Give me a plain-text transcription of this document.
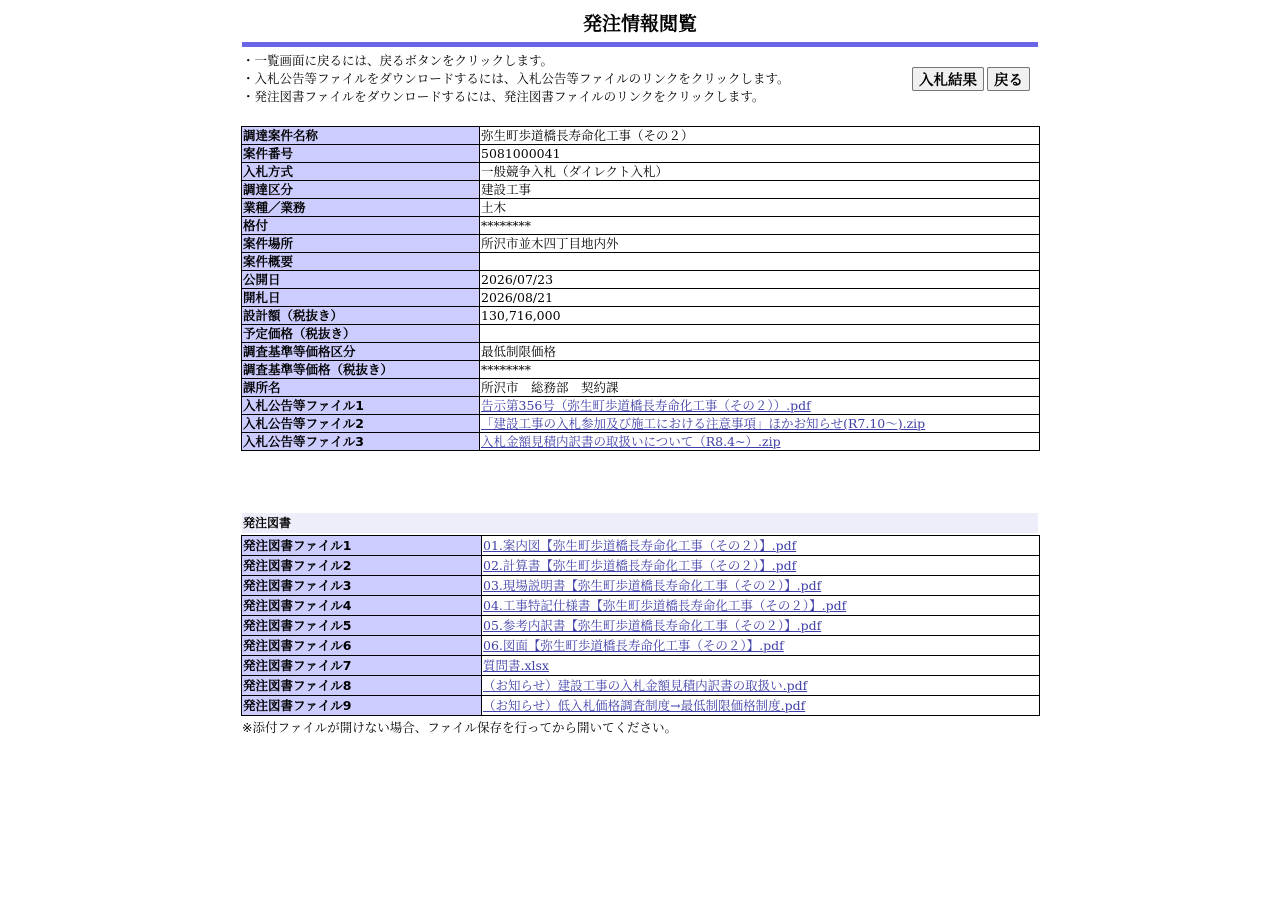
発注情報閲覧
・一覧画面に戻るには、戻るボタンをクリックします。
・入札公告等ファイルをダウンロードするには、入札公告等ファイルのリンクをクリックします。
・発注図書ファイルをダウンロードするには、発注図書ファイルのリンクをクリックします。
入札結果	戻る
調達案件名称	弥生町歩道橋長寿命化工事（その２）
案件番号	5081000041
入札方式	一般競争入札（ダイレクト入札）
調達区分	建設工事
業種／業務	土木
格付	********
案件場所	所沢市並木四丁目地内外
案件概要	
公開日	2026/07/23
開札日	2026/08/21
設計額（税抜き）	130,716,000
予定価格（税抜き）	
調査基準等価格区分	最低制限価格
調査基準等価格（税抜き）	********
課所名	所沢市　総務部　契約課
入札公告等ファイル1	告示第356号（弥生町歩道橋長寿命化工事（その２））.pdf
入札公告等ファイル2	「建設工事の入札参加及び施工における注意事項」ほかお知らせ(R7.10～).zip
入札公告等ファイル3	入札金額見積内訳書の取扱いについて（R8.4~）.zip
発注図書
発注図書ファイル1	01.案内図【弥生町歩道橋長寿命化工事（その２）】.pdf
発注図書ファイル2	02.計算書【弥生町歩道橋長寿命化工事（その２）】.pdf
発注図書ファイル3	03.現場説明書【弥生町歩道橋長寿命化工事（その２）】.pdf
発注図書ファイル4	04.工事特記仕様書【弥生町歩道橋長寿命化工事（その２）】.pdf
発注図書ファイル5	05.参考内訳書【弥生町歩道橋長寿命化工事（その２）】.pdf
発注図書ファイル6	06.図面【弥生町歩道橋長寿命化工事（その２）】.pdf
発注図書ファイル7	質問書.xlsx
発注図書ファイル8	（お知らせ）建設工事の入札金額見積内訳書の取扱い.pdf
発注図書ファイル9	（お知らせ）低入札価格調査制度→最低制限価格制度.pdf
※添付ファイルが開けない場合、ファイル保存を行ってから開いてください。
